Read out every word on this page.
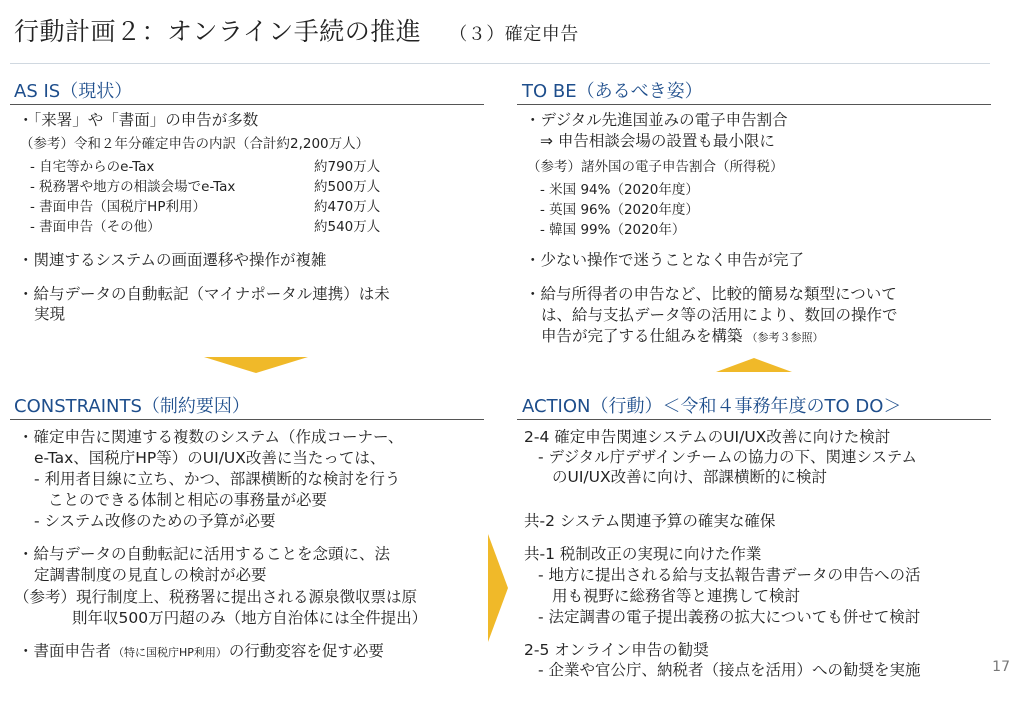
行動計画２：オンライン手続の推進 （３）確定申告
AS IS（現状）
・「来署」や「書面」の申告が多数
（参考）令和２年分確定申告の内訳（合計約2,200万人）
- 自宅等からのe-Tax	約790万人
- 税務署や地方の相談会場でe-Tax	約500万人
- 書面申告（国税庁HP利用）	約470万人
- 書面申告（その他）	約540万人
・関連するシステムの画面遷移や操作が複雑
・給与データの自動転記（マイナポータル連携）は未
実現
TO BE（あるべき姿）
・デジタル先進国並みの電子申告割合
⇒ 申告相談会場の設置も最小限に
（参考）諸外国の電子申告割合（所得税）
- 米国 94%（2020年度）
- 英国 96%（2020年度）
- 韓国 99%（2020年）
・少ない操作で迷うことなく申告が完了
・給与所得者の申告など、比較的簡易な類型について
は、給与支払データ等の活用により、数回の操作で
申告が完了する仕組みを構築 （参考３参照）
CONSTRAINTS（制約要因）
・確定申告に関連する複数のシステム（作成コーナー、
e-Tax、国税庁HP等）のUI/UX改善に当たっては、
- 利用者目線に立ち、かつ、部課横断的な検討を行う
ことのできる体制と相応の事務量が必要
- システム改修のための予算が必要
・給与データの自動転記に活用することを念頭に、法
定調書制度の見直しの検討が必要
（参考）現行制度上、税務署に提出される源泉徴収票は原
則年収500万円超のみ（地方自治体には全件提出）
・書面申告者 （特に国税庁HP利用） の行動変容を促す必要
ACTION（行動）＜令和４事務年度のTO DO＞
2-4 確定申告関連システムのUI/UX改善に向けた検討
- デジタル庁デザインチームの協力の下、関連システム
のUI/UX改善に向け、部課横断的に検討
共-2 システム関連予算の確実な確保
共-1 税制改正の実現に向けた作業
- 地方に提出される給与支払報告書データの申告への活
用も視野に総務省等と連携して検討
- 法定調書の電子提出義務の拡大についても併せて検討
2-5 オンライン申告の勧奨
- 企業や官公庁、納税者（接点を活用）への勧奨を実施	17
